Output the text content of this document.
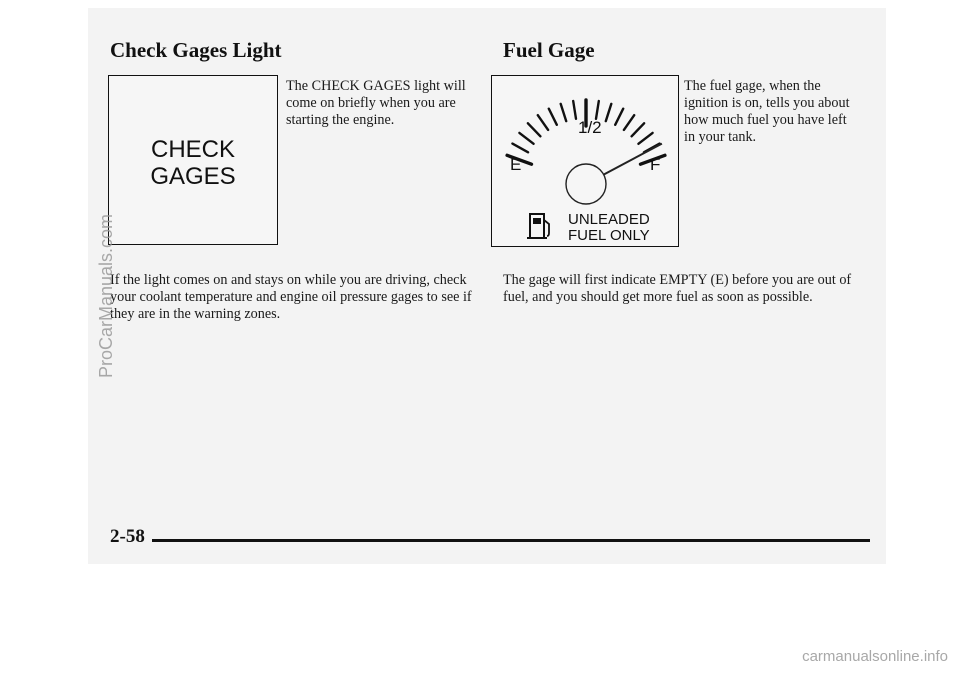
Check Gages Light
CHECK
GAGES

The CHECK GAGES light will come on briefly when you are starting the engine.

If the light comes on and stays on while you are driving, check your coolant temperature and engine oil pressure gages to see if they are in the warning zones.

Fuel Gage
1/2
E	F
UNLEADED
FUEL ONLY

The fuel gage, when the ignition is on, tells you about how much fuel you have left in your tank.

The gage will first indicate EMPTY (E) before you are out of fuel, and you should get more fuel as soon as possible.

2-58
ProCarManuals.com
carmanualsonline.info
